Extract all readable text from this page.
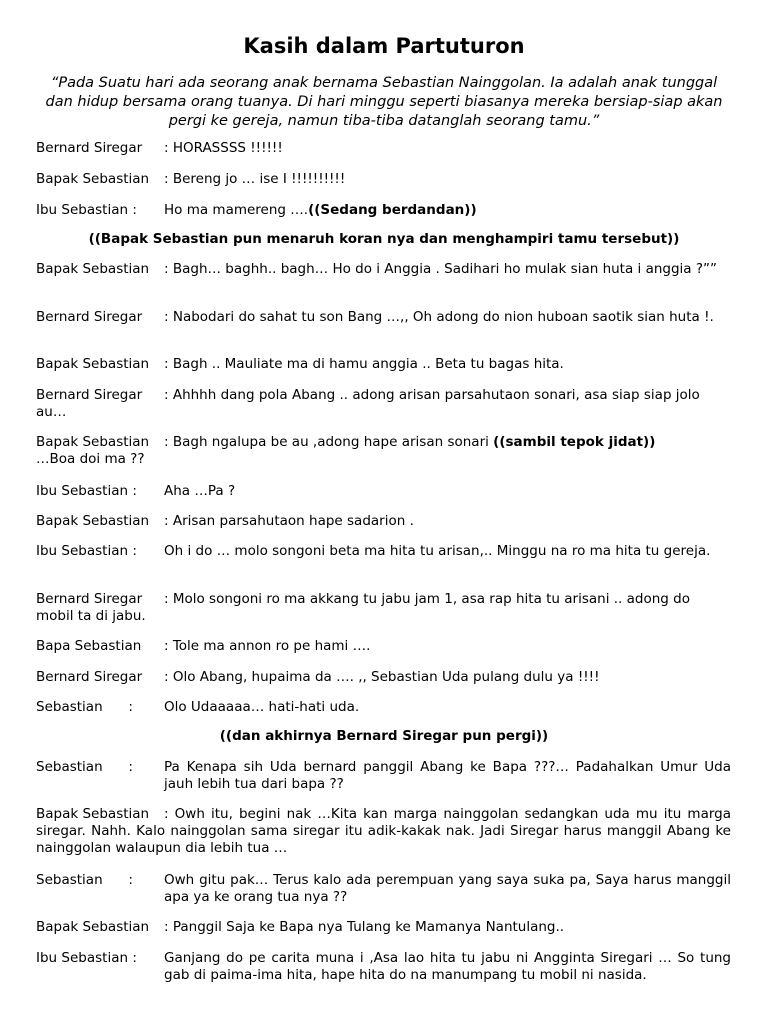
Kasih dalam Partuturon
“Pada Suatu hari ada seorang anak bernama Sebastian Nainggolan. Ia adalah anak tunggal dan hidup bersama orang tuanya. Di hari minggu seperti biasanya mereka bersiap-siap akan pergi ke gereja, namun tiba-tiba datanglah seorang tamu.”
Bernard Siregar	: HORASSSS !!!!!!
Bapak Sebastian	: Bereng jo … ise I !!!!!!!!!!
Ibu Sebastian :	Ho ma mamereng ….((Sedang berdandan))
((Bapak Sebastian pun menaruh koran nya dan menghampiri tamu tersebut))
Bapak Sebastian	: Bagh… baghh.. bagh… Ho do i Anggia . Sadihari ho mulak sian huta i anggia ?””
Bernard Siregar	: Nabodari do sahat tu son Bang …,, Oh adong do nion huboan saotik sian huta !.
Bapak Sebastian	: Bagh .. Mauliate ma di hamu anggia .. Beta tu bagas hita.
Bernard Siregar	: Ahhhh dang pola Abang .. adong arisan parsahutaon sonari, asa siap siap jolo au…
Bapak Sebastian	: Bagh ngalupa be au ,adong hape arisan sonari ((sambil tepok jidat))
…Boa doi ma ??
Ibu Sebastian :	Aha …Pa ?
Bapak Sebastian	: Arisan parsahutaon hape sadarion .
Ibu Sebastian :	Oh i do … molo songoni beta ma hita tu arisan,.. Minggu na ro ma hita tu gereja.
Bernard Siregar	: Molo songoni ro ma akkang tu jabu jam 1, asa rap hita tu arisani .. adong do mobil ta di jabu.
Bapa Sebastian	: Tole ma annon ro pe hami ….
Bernard Siregar	: Olo Abang, hupaima da …. ,, Sebastian Uda pulang dulu ya !!!!
Sebastian      :	Olo Udaaaaa… hati-hati uda.
((dan akhirnya Bernard Siregar pun pergi))
Sebastian      :	Pa Kenapa sih Uda bernard panggil Abang ke Bapa ???… Padahalkan Umur Uda jauh lebih tua dari bapa ??
Bapak Sebastian	: Owh itu, begini nak …Kita kan marga nainggolan sedangkan uda mu itu marga siregar. Nahh. Kalo nainggolan sama siregar itu adik-kakak nak. Jadi Siregar harus manggil Abang ke nainggolan walaupun dia lebih tua …
Sebastian      :	Owh gitu pak… Terus kalo ada perempuan yang saya suka pa, Saya harus manggil apa ya ke orang tua nya ??
Bapak Sebastian	: Panggil Saja ke Bapa nya Tulang ke Mamanya Nantulang..
Ibu Sebastian :	Ganjang do pe carita muna i ,Asa lao hita tu jabu ni Angginta Siregari … So tung gab di paima-ima hita, hape hita do na manumpang tu mobil ni nasida.
